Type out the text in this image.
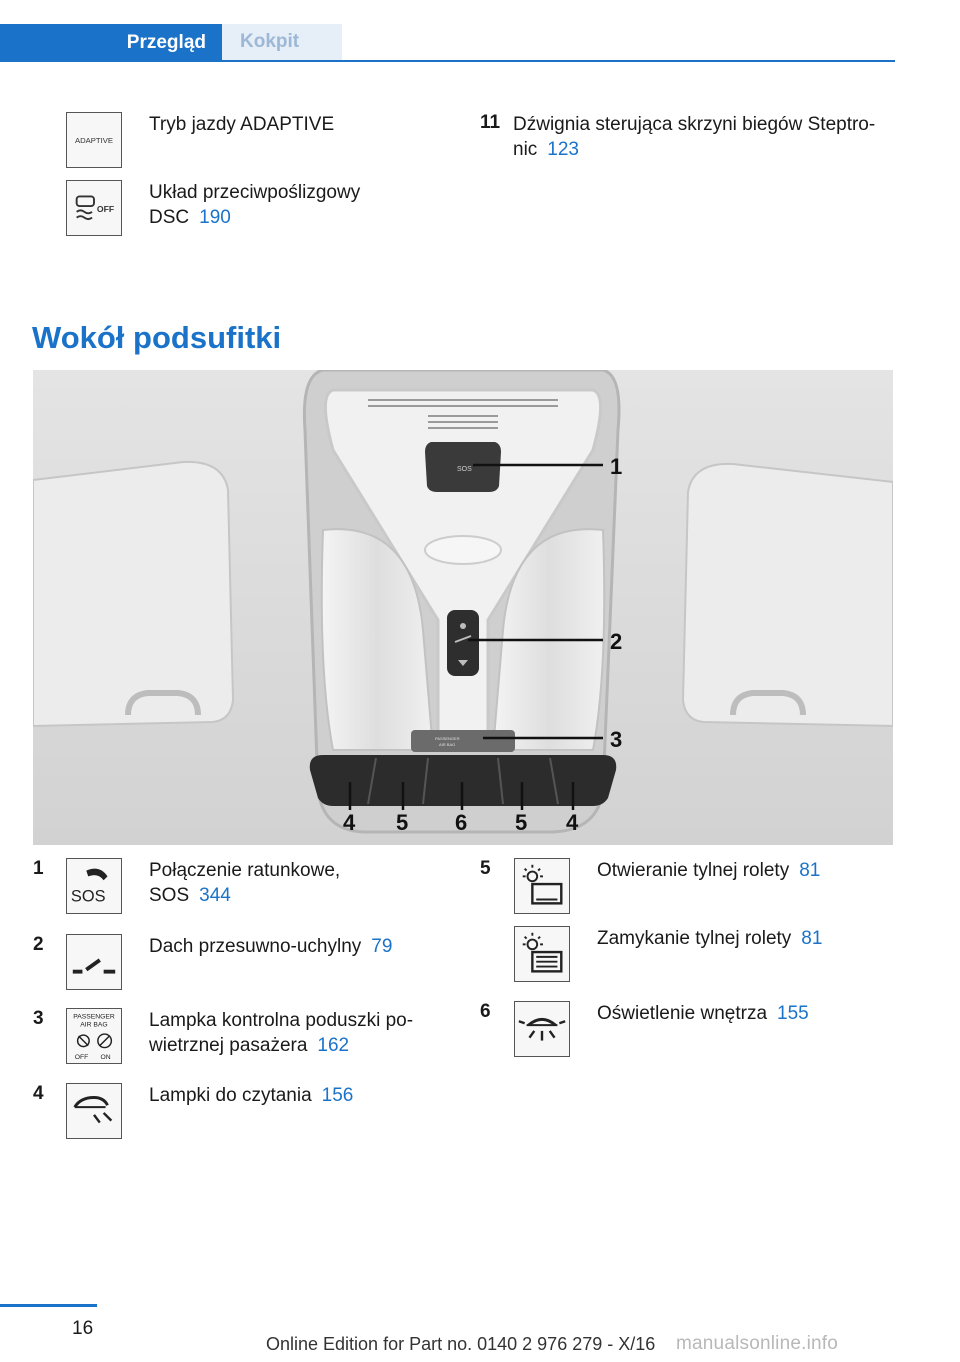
Przegląd	Kokpit
ADAPTIVE
Tryb jazdy ADAPTIVE
OFF
Układ przeciwpoślizgowy
DSC 190
11 Dźwignia sterująca skrzyni biegów Steptro‐
nic 123
Wokół podsufitki
SOS
PASSENGER
AIR BAG
1
2
3
4 5 6 5 4
1
SOS
Połączenie ratunkowe,
SOS 344
2	Dach przesuwno-uchylny 79
3	PASSENGER
AIR BAG
OFF ON
Lampka kontrolna poduszki po‐
wietrznej pasażera 162
4	Lampki do czytania 156
5	Otwieranie tylnej rolety 81
Zamykanie tylnej rolety 81
6	Oświetlenie wnętrza 155
16
Online Edition for Part no. 0140 2 976 279 - X/16 manualsonline.info
